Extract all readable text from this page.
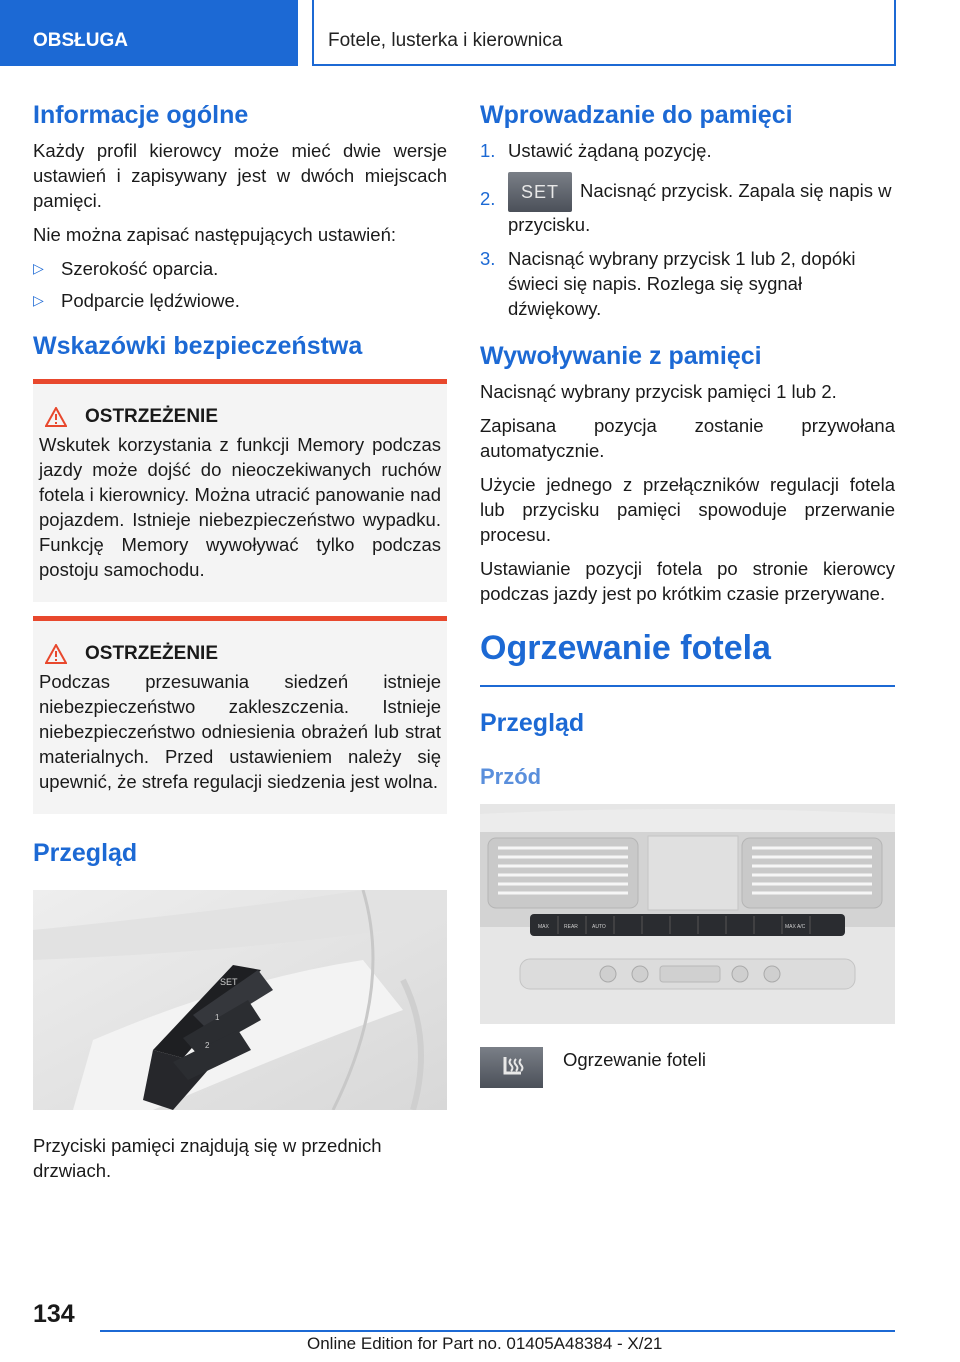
OBSŁUGA	Fotele, lusterka i kierownica
Informacje ogólne

Każdy profil kierowcy może mieć dwie wersje ustawień i zapisywany jest w dwóch miejscach pamięci.

Nie można zapisać następujących ustawień:

▷ Szerokość oparcia.
▷ Podparcie lędźwiowe.
Wskazówki bezpieczeństwa
OSTRZEŻENIE

Wskutek korzystania z funkcji Memory podczas jazdy może dojść do nieoczekiwanych ruchów fotela i kierownicy. Można utracić panowanie nad pojazdem. Istnieje niebezpieczeństwo wypadku. Funkcję Memory wywoływać tylko podczas postoju samochodu.

OSTRZEŻENIE

Podczas przesuwania siedzeń istnieje niebezpieczeństwo zakleszczenia. Istnieje niebezpieczeństwo odniesienia obrażeń lub strat materialnych. Przed ustawieniem należy się upewnić, że strefa regulacji siedzenia jest wolna.

Przegląd
SET
1
2

Przyciski pamięci znajdują się w przednich drzwiach.

Wprowadzanie do pamięci
1. Ustawić żądaną pozycję.
2. SET Nacisnąć przycisk. Zapala się napis w przycisku.
3. Nacisnąć wybrany przycisk 1 lub 2, dopóki świeci się napis. Rozlega się sygnał dźwiękowy.
Wywoływanie z pamięci

Nacisnąć wybrany przycisk pamięci 1 lub 2.

Zapisana pozycja zostanie przywołana automatycznie.

Użycie jednego z przełączników regulacji fotela lub przycisku pamięci spowoduje przerwanie procesu.

Ustawianie pozycji fotela po stronie kierowcy podczas jazdy jest po krótkim czasie przerywane.

Ogrzewanie fotela
Przegląd
Przód
MAX	REAR	AUTO	MAX A/C
Ogrzewanie foteli
134
Online Edition for Part no. 01405A48384 - X/21
